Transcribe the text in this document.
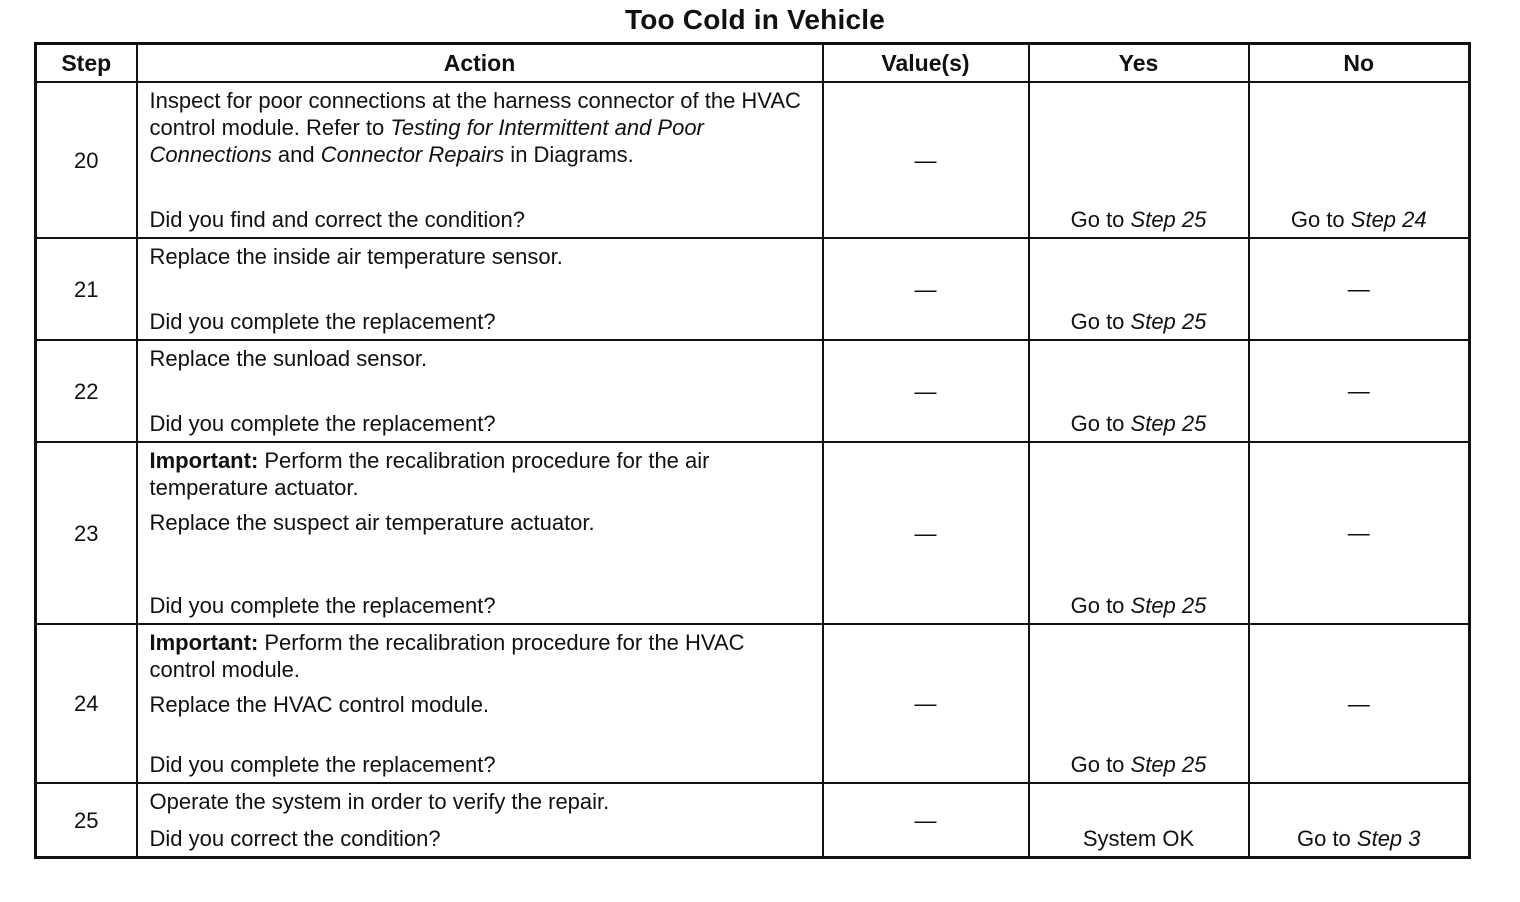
Too Cold in Vehicle
Step	Action	Value(s)	Yes	No
20	Inspect for poor connections at the harness connector of the HVAC control module. Refer to Testing for Intermittent and Poor Connections and Connector Repairs in Diagrams.
Did you find and correct the condition?	—	Go to Step 25	Go to Step 24

21	Replace the inside air temperature sensor.
Did you complete the replacement?	—	Go to Step 25	—

22	Replace the sunload sensor.
Did you complete the replacement?	—	Go to Step 25	—

23	Important: Perform the recalibration procedure for the air temperature actuator.
Replace the suspect air temperature actuator.
Did you complete the replacement?	—	Go to Step 25	—

24	Important: Perform the recalibration procedure for the HVAC control module.
Replace the HVAC control module.
Did you complete the replacement?	—	Go to Step 25	—

25	Operate the system in order to verify the repair.
Did you correct the condition?	—	System OK	Go to Step 3
